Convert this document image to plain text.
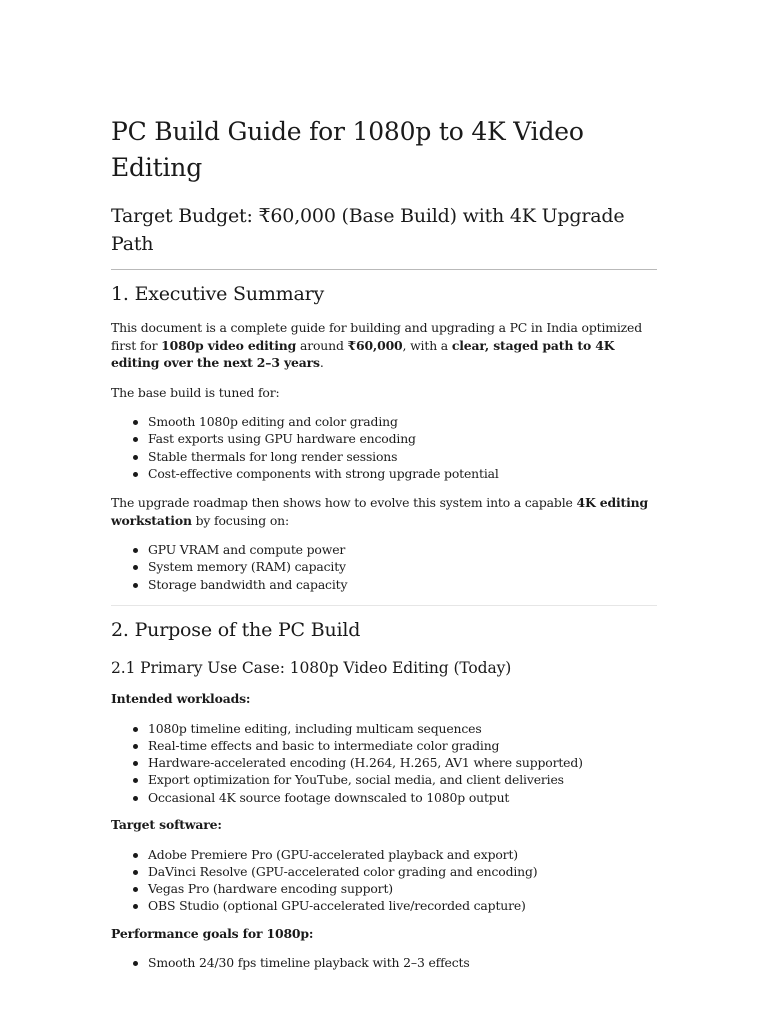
PC Build Guide for 1080p to 4K Video Editing
Target Budget: ₹60,000 (Base Build) with 4K Upgrade Path
1. Executive Summary

This document is a complete guide for building and upgrading a PC in India optimized first for 1080p video editing around ₹60,000, with a clear, staged path to 4K editing over the next 2–3 years.

The base build is tuned for:

Smooth 1080p editing and color grading
Fast exports using GPU hardware encoding
Stable thermals for long render sessions
Cost-effective components with strong upgrade potential

The upgrade roadmap then shows how to evolve this system into a capable 4K editing workstation by focusing on:

GPU VRAM and compute power
System memory (RAM) capacity
Storage bandwidth and capacity
2. Purpose of the PC Build
2.1 Primary Use Case: 1080p Video Editing (Today)

Intended workloads:

1080p timeline editing, including multicam sequences
Real-time effects and basic to intermediate color grading
Hardware-accelerated encoding (H.264, H.265, AV1 where supported)
Export optimization for YouTube, social media, and client deliveries
Occasional 4K source footage downscaled to 1080p output

Target software:

Adobe Premiere Pro (GPU-accelerated playback and export)
DaVinci Resolve (GPU-accelerated color grading and encoding)
Vegas Pro (hardware encoding support)
OBS Studio (optional GPU-accelerated live/recorded capture)

Performance goals for 1080p:

Smooth 24/30 fps timeline playback with 2–3 effects
